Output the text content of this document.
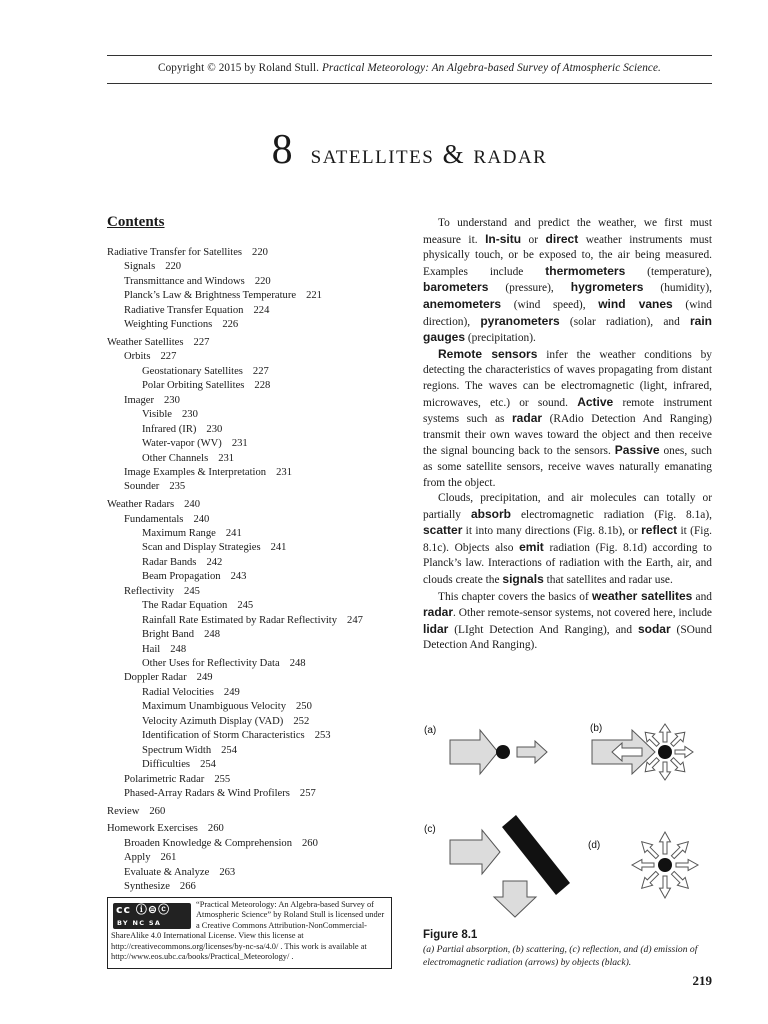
Copyright © 2015 by Roland Stull. Practical Meteorology: An Algebra-based Survey of Atmospheric Science.
8 satellites & radar
Contents
Radiative Transfer for Satellites 220
Signals 220
Transmittance and Windows 220
Planck’s Law & Brightness Temperature 221
Radiative Transfer Equation 224
Weighting Functions 226
Weather Satellites 227
Orbits 227
Geostationary Satellites 227
Polar Orbiting Satellites 228
Imager 230
Visible 230
Infrared (IR) 230
Water-vapor (WV) 231
Other Channels 231
Image Examples & Interpretation 231
Sounder 235
Weather Radars 240
Fundamentals 240
Maximum Range 241
Scan and Display Strategies 241
Radar Bands 242
Beam Propagation 243
Reflectivity 245
The Radar Equation 245
Rainfall Rate Estimated by Radar Reflectivity 247
Bright Band 248
Hail 248
Other Uses for Reflectivity Data 248
Doppler Radar 249
Radial Velocities 249
Maximum Unambiguous Velocity 250
Velocity Azimuth Display (VAD) 252
Identification of Storm Characteristics 253
Spectrum Width 254
Difficulties 254
Polarimetric Radar 255
Phased-Array Radars & Wind Profilers 257
Review 260
Homework Exercises 260
Broaden Knowledge & Comprehension 260
Apply 261
Evaluate & Analyze 263
Synthesize 266

To understand and predict the weather, we first must measure it. In-situ or direct weather instruments must physically touch, or be exposed to, the air being measured. Examples include thermometers (temperature), barometers (pressure), hygrometers (humidity), anemometers (wind speed), wind vanes (wind direction), pyranometers (solar radiation), and rain gauges (precipitation).

Remote sensors infer the weather conditions by detecting the characteristics of waves propagating from distant regions. The waves can be electromagnetic (light, infrared, microwaves, etc.) or sound. Active remote instrument systems such as radar (RAdio Detection And Ranging) transmit their own waves toward the object and then receive the signal bouncing back to the sensors. Passive ones, such as some satellite sensors, receive waves naturally emanating from the object.

Clouds, precipitation, and air molecules can totally or partially absorb electromagnetic radiation (Fig. 8.1a), scatter it into many directions (Fig. 8.1b), or reflect it (Fig. 8.1c). Objects also emit radiation (Fig. 8.1d) according to Planck’s law. Interactions of radiation with the Earth, air, and clouds create the signals that satellites and radar use.

This chapter covers the basics of weather satellites and radar. Other remote-sensor systems, not covered here, include lidar (LIght Detection And Ranging), and sodar (SOund Detection And Ranging).

(a)	(b)
(c)
(d)
cc ⓘ⊜ⓒ
BY NC SA
“Practical Meteorology: An Algebra-based Survey of Atmospheric Science” by Roland Stull is licensed under a Creative Commons Attribution-NonCommercial-ShareAlike 4.0 International License. View this license at http://creativecommons.org/licenses/by-nc-sa/4.0/ . This work is available at http://www.eos.ubc.ca/books/Practical_Meteorology/ .
Figure 8.1
(a) Partial absorption, (b) scattering, (c) reflection, and (d) emission of electromagnetic radiation (arrows) by objects (black).
219
